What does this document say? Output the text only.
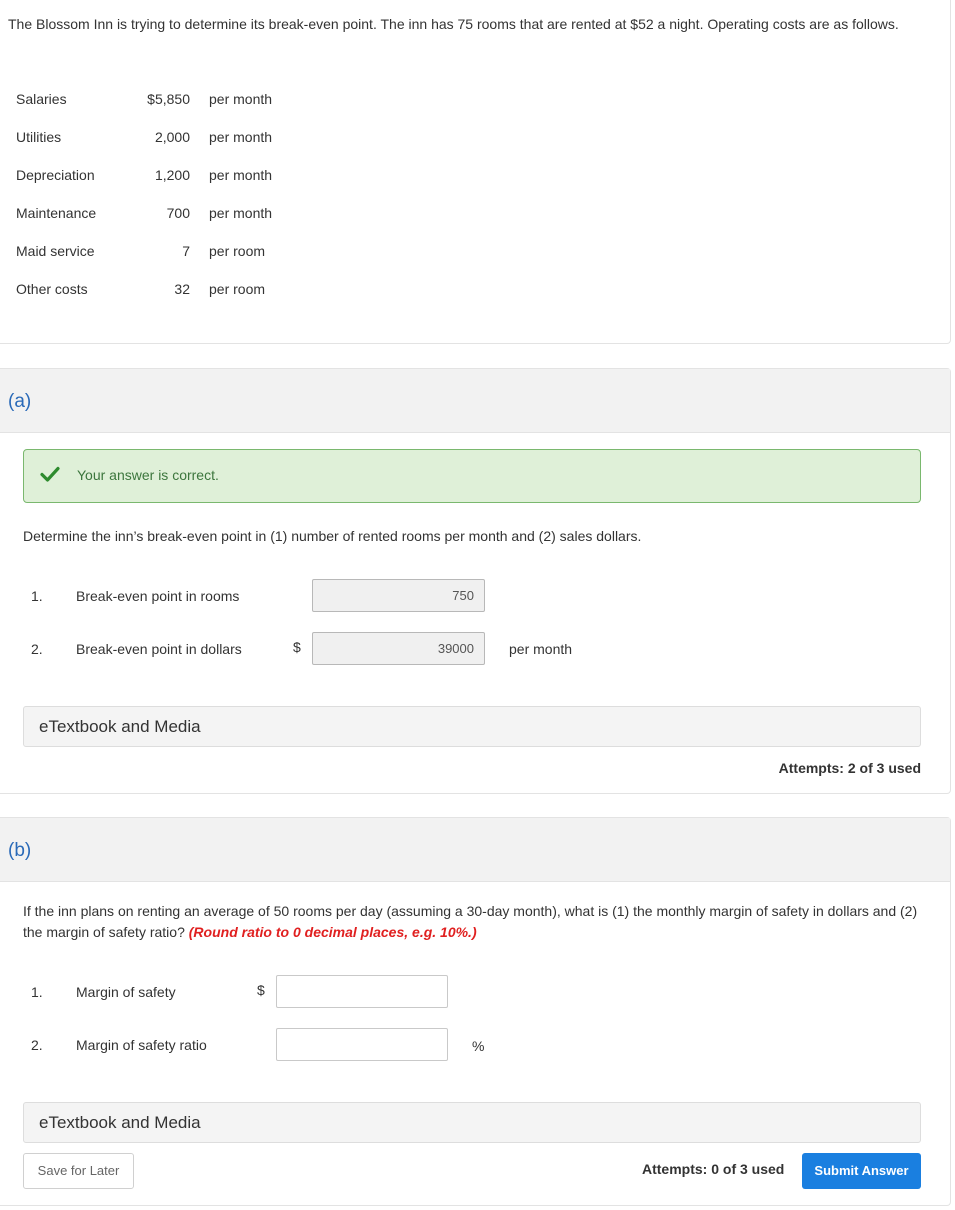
The Blossom Inn is trying to determine its break-even point. The inn has 75 rooms that are rented at $52 a night. Operating costs are as follows.
Salaries	$5,850 per month
Utilities	2,000 per month
Depreciation	1,200 per month
Maintenance	700 per month
Maid service	7 per room
Other costs	32 per room
(a)
Your answer is correct.
Determine the inn’s break-even point in (1) number of rented rooms per month and (2) sales dollars.
1. Break-even point in rooms	750
2. Break-even point in dollars	$	39000	per month
eTextbook and Media
Attempts: 2 of 3 used
(b)
If the inn plans on renting an average of 50 rooms per day (assuming a 30-day month), what is (1) the monthly margin of safety in dollars and (2) the margin of safety ratio? (Round ratio to 0 decimal places, e.g. 10%.)
1. Margin of safety	$
2. Margin of safety ratio	%
eTextbook and Media
Save for Later	Attempts: 0 of 3 used	Submit Answer
